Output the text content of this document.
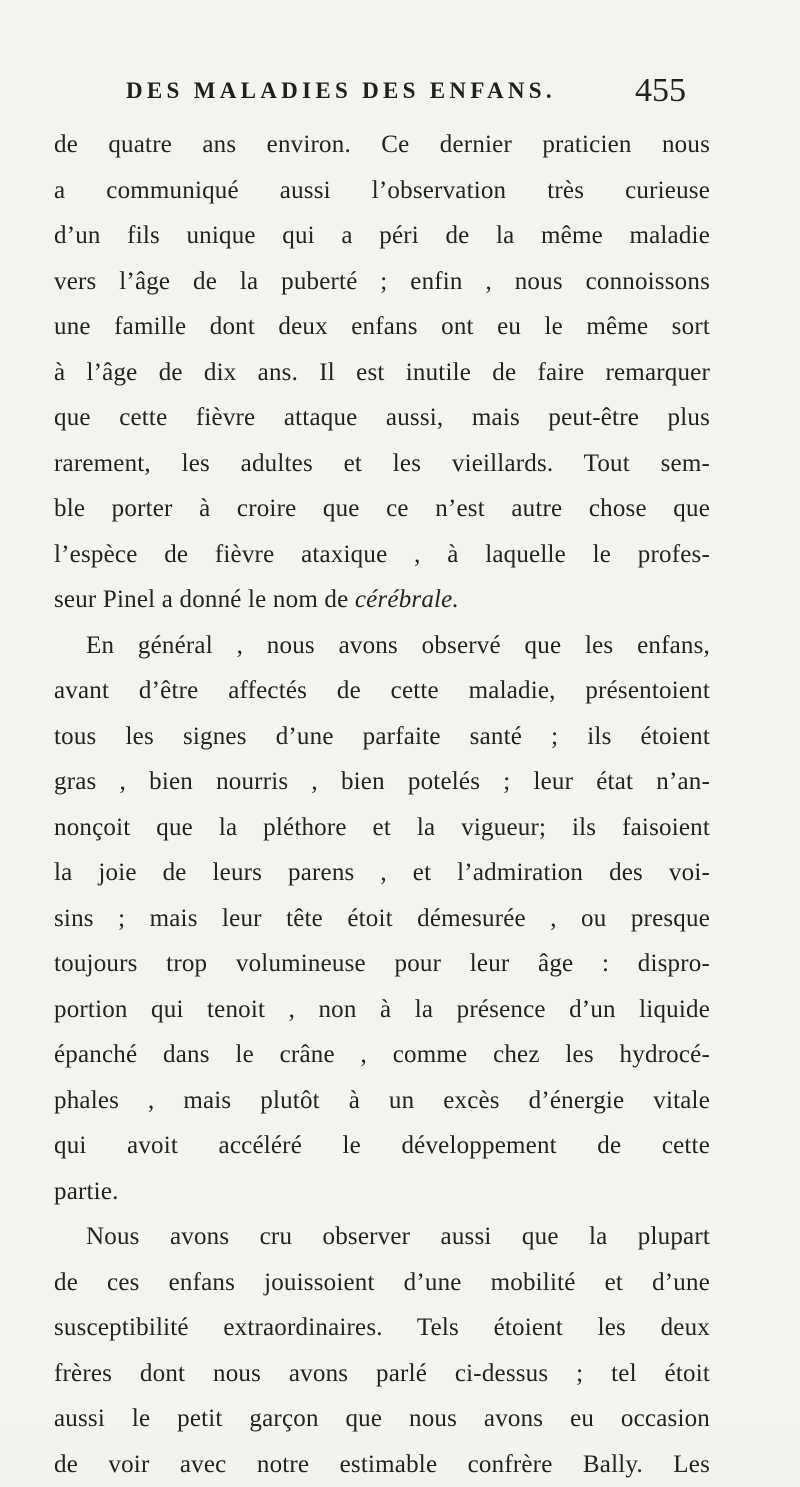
DES MALADIES DES ENFANS. 455
de quatre ans environ. Ce dernier praticien nous
a communiqué aussi l’observation très curieuse
d’un fils unique qui a péri de la même maladie
vers l’âge de la puberté ; enfin , nous connoissons
une famille dont deux enfans ont eu le même sort
à l’âge de dix ans. Il est inutile de faire remarquer
que cette fièvre attaque aussi, mais peut-être plus
rarement, les adultes et les vieillards. Tout sem-
ble porter à croire que ce n’est autre chose que
l’espèce de fièvre ataxique , à laquelle le profes-
seur Pinel a donné le nom de cérébrale.
En général , nous avons observé que les enfans,
avant d’être affectés de cette maladie, présentoient
tous les signes d’une parfaite santé ; ils étoient
gras , bien nourris , bien potelés ; leur état n’an-
nonçoit que la pléthore et la vigueur; ils faisoient
la joie de leurs parens , et l’admiration des voi-
sins ; mais leur tête étoit démesurée , ou presque
toujours trop volumineuse pour leur âge : dispro-
portion qui tenoit , non à la présence d’un liquide
épanché dans le crâne , comme chez les hydrocé-
phales , mais plutôt à un excès d’énergie vitale
qui avoit accéléré le développement de cette
partie.
Nous avons cru observer aussi que la plupart
de ces enfans jouissoient d’une mobilité et d’une
susceptibilité extraordinaires. Tels étoient les deux
frères dont nous avons parlé ci-dessus ; tel étoit
aussi le petit garçon que nous avons eu occasion
de voir avec notre estimable confrère Bally. Les
